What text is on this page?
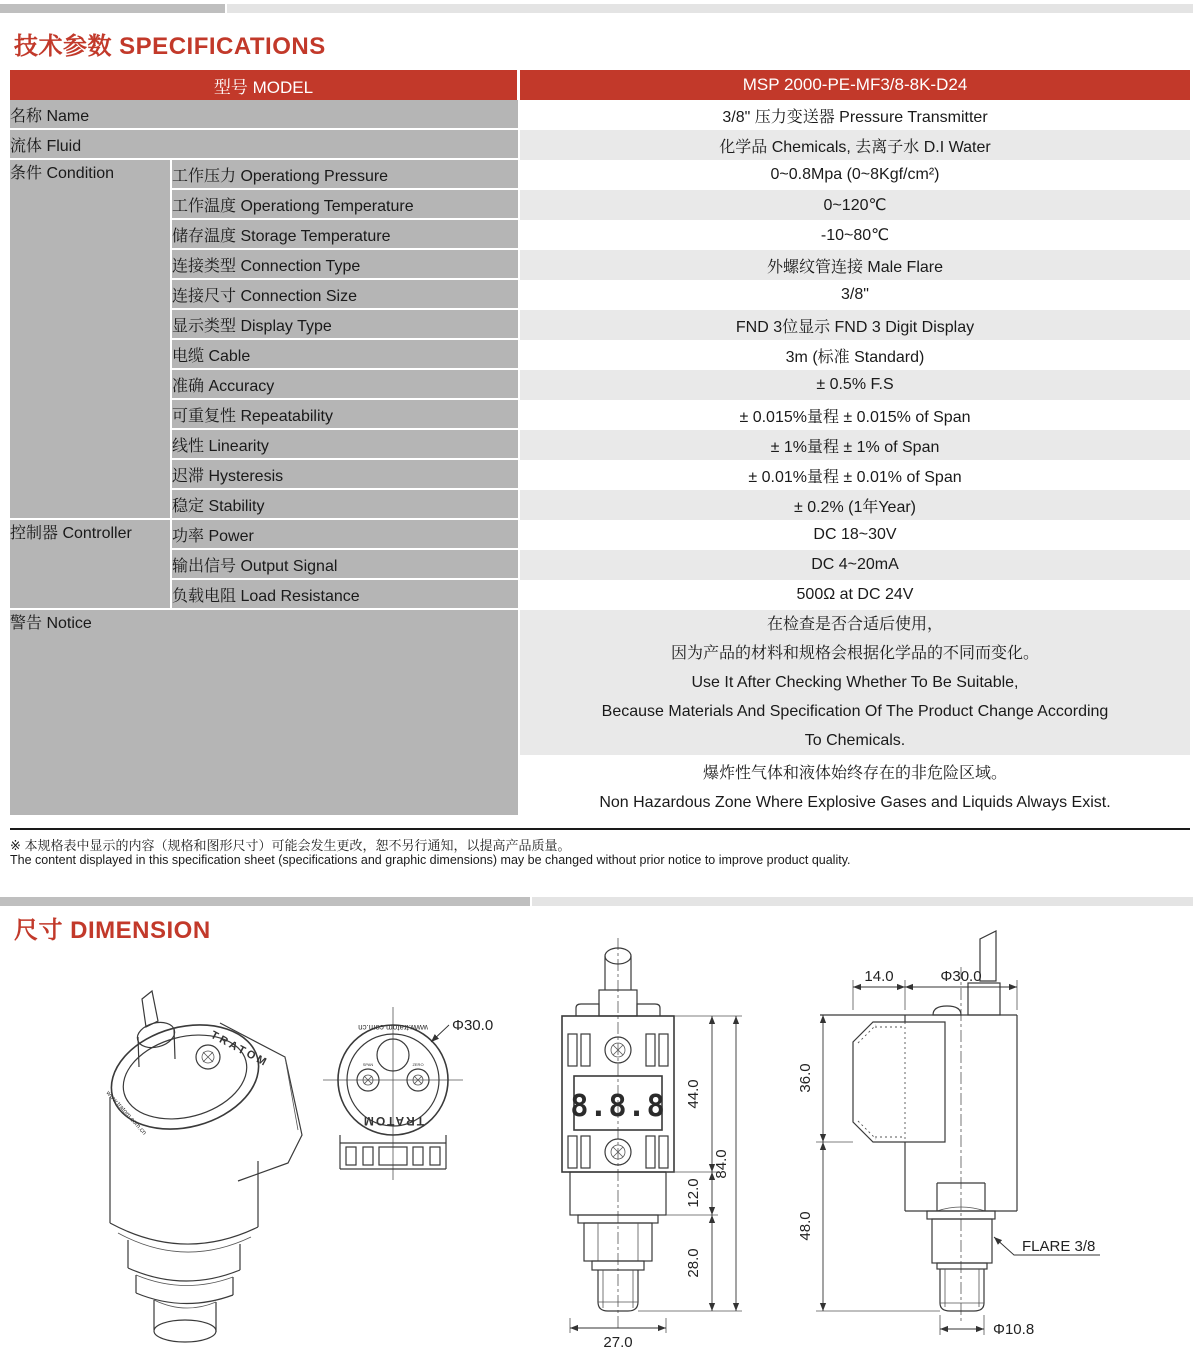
技术参数 SPECIFICATIONS
型号 MODEL		MSP 2000-PE-MF3/8-8K-D24
名称 Name		3/8" 压力变送器 Pressure Transmitter
流体 Fluid		化学品 Chemicals, 去离子水 D.I Water
条件 Condition	工作压力 Operationg Pressure	0~0.8Mpa (0~8Kgf/cm²)
	工作温度 Operationg Temperature	0~120℃
	储存温度 Storage Temperature	-10~80℃
	连接类型 Connection Type	外螺纹管连接 Male Flare
	连接尺寸 Connection Size	3/8"
	显示类型 Display Type	FND 3位显示 FND 3 Digit Display
	电缆 Cable	3m (标准 Standard)
	准确 Accuracy	± 0.5% F.S
	可重复性 Repeatability	± 0.015%量程 ± 0.015% of Span
	线性 Linearity	± 1%量程 ± 1% of Span
	迟滞 Hysteresis	± 0.01%量程 ± 0.01% of Span
	稳定 Stability	± 0.2% (1年Year)
控制器 Controller	功率 Power	DC 18~30V
	输出信号 Output Signal	DC 4~20mA
	负载电阻 Load Resistance	500Ω at DC 24V
警告 Notice		在检查是否合适后使用，
因为产品的材料和规格会根据化学品的不同而变化。
Use It After Checking Whether To Be Suitable,
Because Materials And Specification Of The Product Change According
To Chemicals.

		爆炸性气体和液体始终存在的非危险区域。
Non Hazardous Zone Where Explosive Gases and Liquids Always Exist.
※ 本规格表中显示的内容（规格和图形尺寸）可能会发生更改，恕不另行通知，以提高产品质量。
The content displayed in this specification sheet (specifications and graphic dimensions) may be changed without prior notice to improve product quality.
尺寸 DIMENSION
TRATOM
www.tratom.com.cn
SPAN	ZERO
www.tratom.com.cn
TRATOM
Φ30.0
8.8.8 44.0
12.0
28.0
84.0
27.0
14.0	Φ30.0
36.0
48.0
FLARE 3/8
Φ10.8
